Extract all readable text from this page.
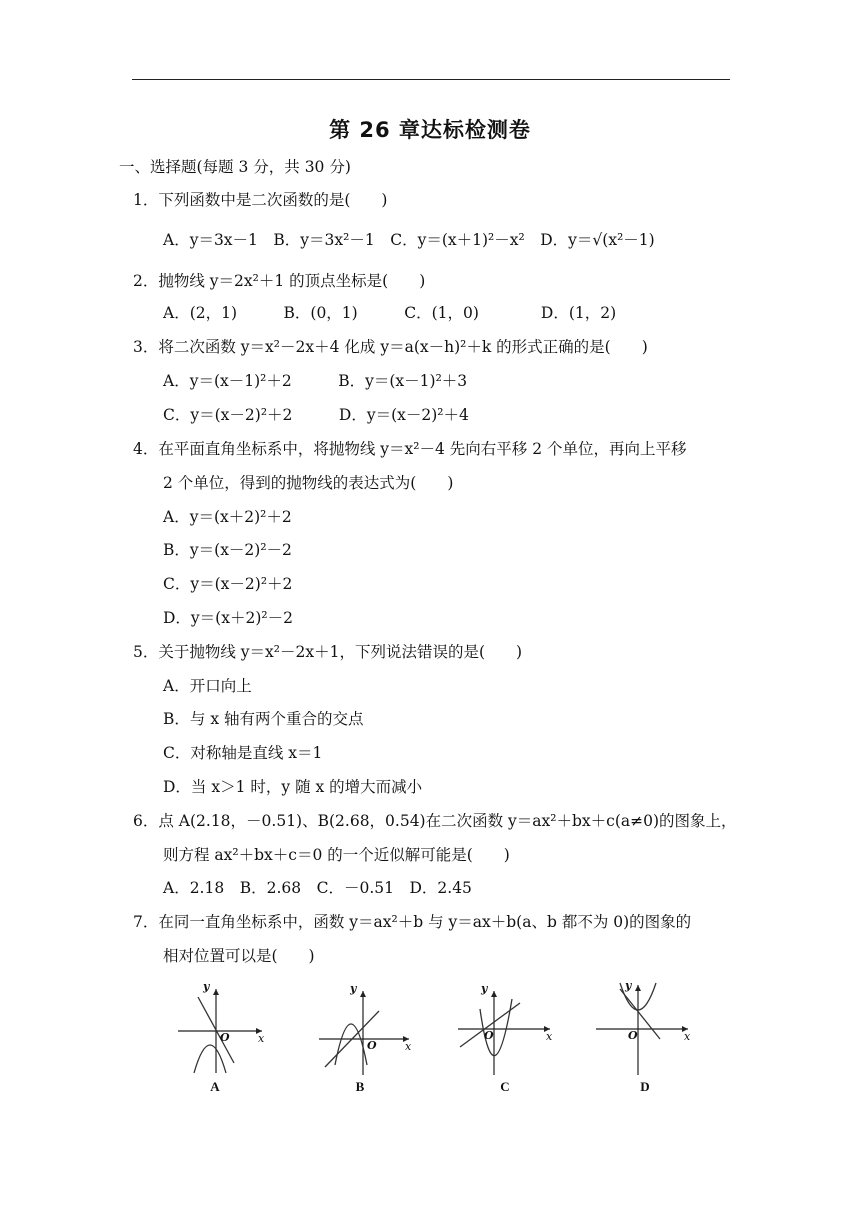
第 26 章达标检测卷
一、选择题(每题 3 分，共 30 分)
1．下列函数中是二次函数的是(　　)
A．y＝3x－1　B．y＝3x²－1　C．y＝(x＋1)²－x²　D．y＝√(x²－1)
2．抛物线 y＝2x²＋1 的顶点坐标是(　　)
A．(2，1)　　　B．(0，1)　　　C．(1，0)　　　　D．(1，2)
3．将二次函数 y＝x²－2x＋4 化成 y＝a(x－h)²＋k 的形式正确的是(　　)
A．y＝(x－1)²＋2　　　B．y＝(x－1)²＋3
C．y＝(x－2)²＋2　　　D．y＝(x－2)²＋4
4．在平面直角坐标系中，将抛物线 y＝x²－4 先向右平移 2 个单位，再向上平移
2 个单位，得到的抛物线的表达式为(　　)
A．y＝(x＋2)²＋2
B．y＝(x－2)²－2
C．y＝(x－2)²＋2
D．y＝(x＋2)²－2
5．关于抛物线 y＝x²－2x＋1，下列说法错误的是(　　)
A．开口向上
B．与 x 轴有两个重合的交点
C．对称轴是直线 x＝1
D．当 x＞1 时，y 随 x 的增大而减小
6．点 A(2.18，－0.51)、B(2.68，0.54)在二次函数 y＝ax²＋bx＋c(a≠0)的图象上，
则方程 ax²＋bx＋c＝0 的一个近似解可能是(　　)
A．2.18　B．2.68　C．－0.51　D．2.45
7．在同一直角坐标系中，函数 y＝ax²＋b 与 y＝ax＋b(a、b 都不为 0)的图象的
相对位置可以是(　　)
A
y
x
O
B
y
x
O
C
y
x
O
D
y
x
O
